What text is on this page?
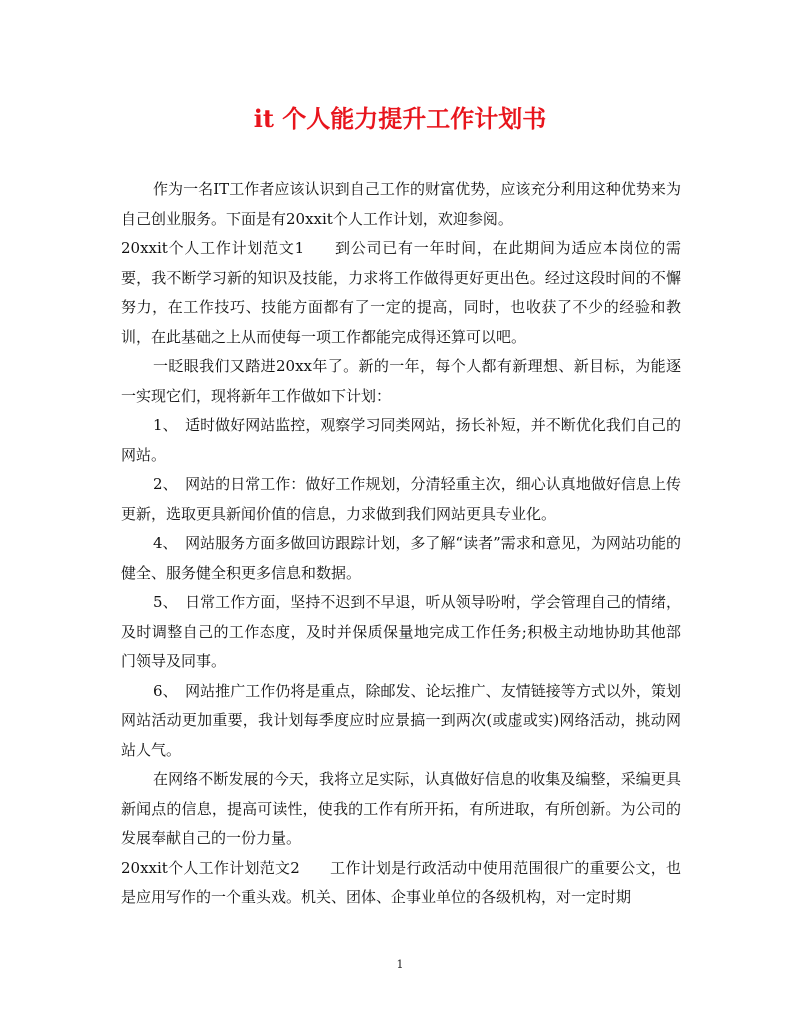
it 个人能力提升工作计划书

作为一名IT工作者应该认识到自己工作的财富优势，应该充分利用这种优势来为自己创业服务。下面是有20xxit个人工作计划，欢迎参阅。

20xxit个人工作计划范文1 到公司已有一年时间，在此期间为适应本岗位的需要，我不断学习新的知识及技能，力求将工作做得更好更出色。经过这段时间的不懈努力，在工作技巧、技能方面都有了一定的提高，同时，也收获了不少的经验和教训，在此基础之上从而使每一项工作都能完成得还算可以吧。

一眨眼我们又踏进20xx年了。新的一年，每个人都有新理想、新目标，为能逐一实现它们，现将新年工作做如下计划：

1、　适时做好网站监控，观察学习同类网站，扬长补短，并不断优化我们自己的网站。

2、　网站的日常工作：做好工作规划，分清轻重主次，细心认真地做好信息上传更新，选取更具新闻价值的信息，力求做到我们网站更具专业化。

4、　网站服务方面多做回访跟踪计划，多了解“读者”需求和意见，为网站功能的健全、服务健全积更多信息和数据。

5、　日常工作方面，坚持不迟到不早退，听从领导吩咐，学会管理自己的情绪，及时调整自己的工作态度，及时并保质保量地完成工作任务;积极主动地协助其他部门领导及同事。

6、　网站推广工作仍将是重点，除邮发、论坛推广、友情链接等方式以外，策划网站活动更加重要，我计划每季度应时应景搞一到两次(或虚或实)网络活动，挑动网站人气。

在网络不断发展的今天，我将立足实际，认真做好信息的收集及编整，采编更具新闻点的信息，提高可读性，使我的工作有所开拓，有所进取，有所创新。为公司的发展奉献自己的一份力量。

20xxit个人工作计划范文2 工作计划是行政活动中使用范围很广的重要公文，也是应用写作的一个重头戏。机关、团体、企事业单位的各级机构，对一定时期

1
